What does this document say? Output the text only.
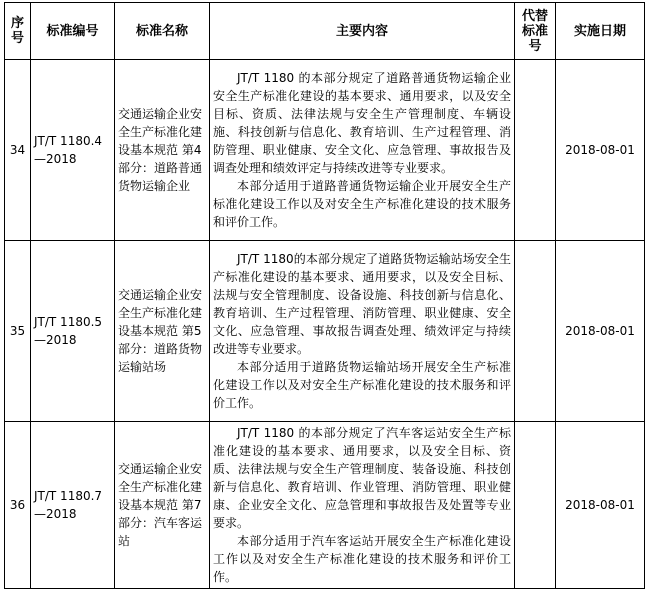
序号	标准编号	标准名称	主要内容	代替标准号	实施日期
34	JT/T 1180.4—2018	交通运输企业安全生产标准化建设基本规范 第4部分：道路普通货物运输企业	JT/T 1180 的本部分规定了道路普通货物运输企业安全生产标准化建设的基本要求、通用要求，以及安全目标、资质、法律法规与安全生产管理制度、车辆设施、科技创新与信息化、教育培训、生产过程管理、消防管理、职业健康、安全文化、应急管理、事故报告及调查处理和绩效评定与持续改进等专业要求。

本部分适用于道路普通货物运输企业开展安全生产标准化建设工作以及对安全生产标准化建设的技术服务和评价工作。		2018-08-01
35	JT/T 1180.5—2018	交通运输企业安全生产标准化建设基本规范 第5部分：道路货物运输站场	JT/T 1180的本部分规定了道路货物运输站场安全生产标准化建设的基本要求、通用要求，以及安全目标、法规与安全管理制度、设备设施、科技创新与信息化、教育培训、生产过程管理、消防管理、职业健康、安全文化、应急管理、事故报告调查处理、绩效评定与持续改进等专业要求。

本部分适用于道路货物运输站场开展安全生产标准化建设工作以及对安全生产标准化建设的技术服务和评价工作。		2018-08-01
36	JT/T 1180.7—2018	交通运输企业安全生产标准化建设基本规范 第7部分：汽车客运站	JT/T 1180 的本部分规定了汽车客运站安全生产标准化建设的基本要求、通用要求，以及安全目标、资质、法律法规与安全生产管理制度、装备设施、科技创新与信息化、教育培训、作业管理、消防管理、职业健康、企业安全文化、应急管理和事故报告及处置等专业要求。

本部分适用于汽车客运站开展安全生产标准化建设工作以及对安全生产标准化建设的技术服务和评价工作。		2018-08-01
